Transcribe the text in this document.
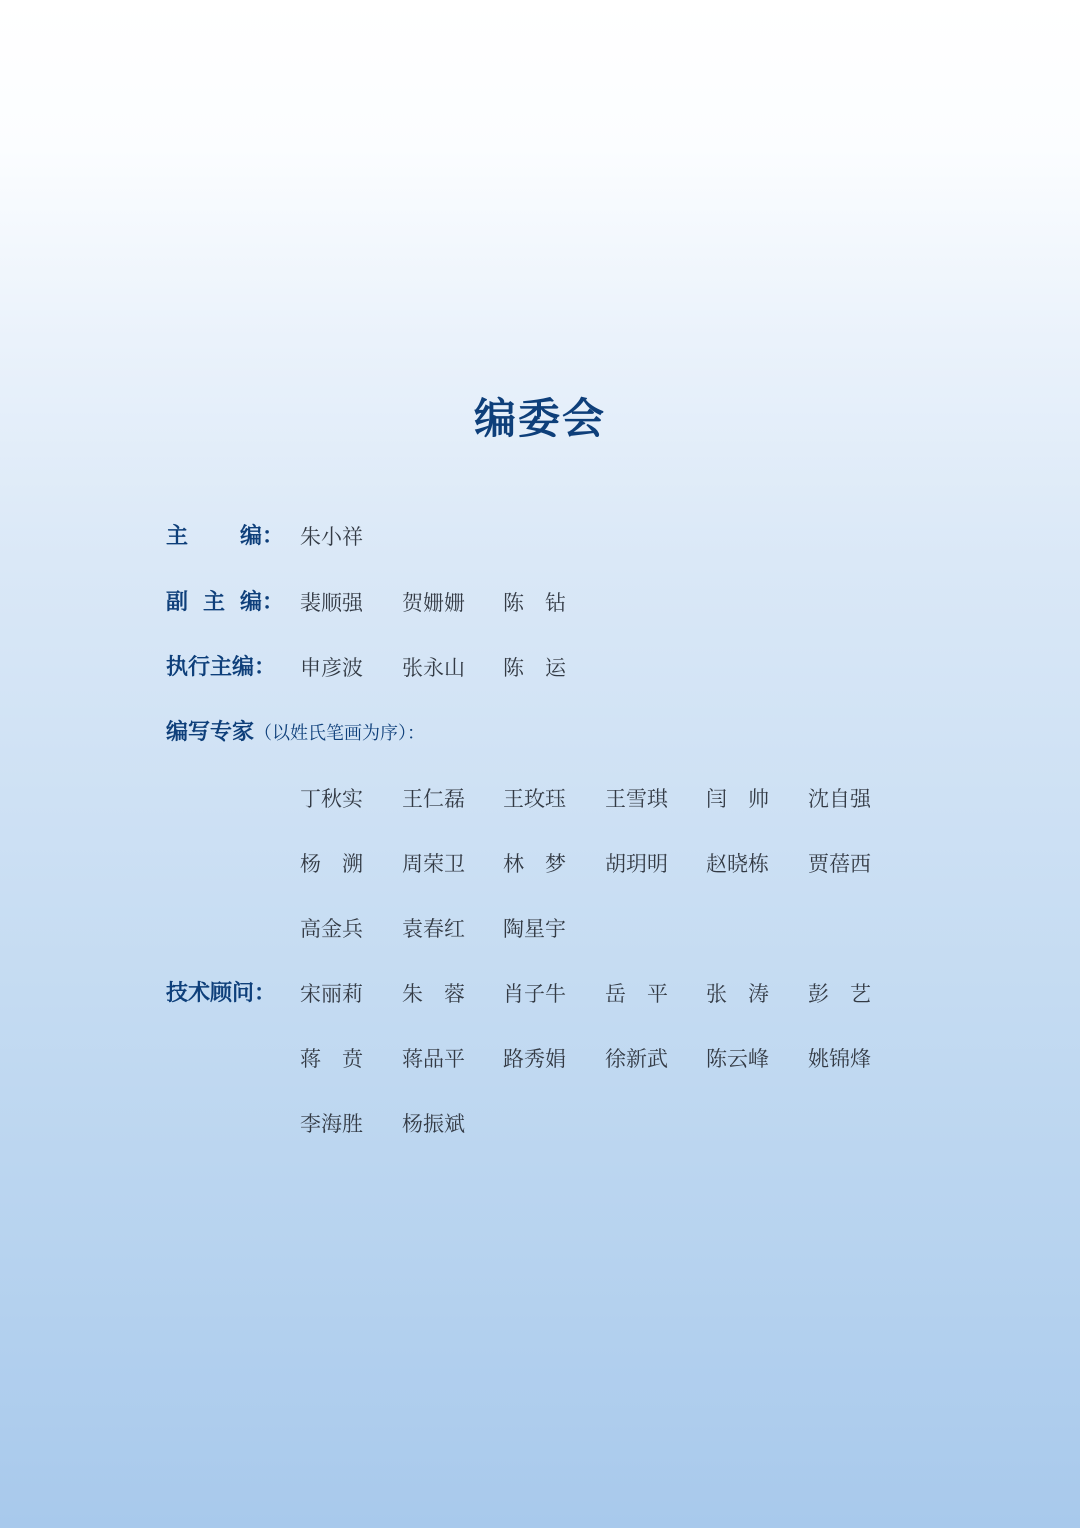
编委会
主 编： 朱小祥
副 主 编： 裴顺强 贺姗姗 陈　钻
执行主编： 申彦波 张永山 陈　运
编写专家（以姓氏笔画为序）：
丁秋实 王仁磊 王玫珏 王雪琪 闫　帅 沈自强
杨　溯 周荣卫 林　梦 胡玥明 赵晓栋 贾蓓西
高金兵 袁春红 陶星宇
技术顾问： 宋丽莉 朱　蓉 肖子牛 岳　平 张　涛 彭　艺
蒋　贲 蒋品平 路秀娟 徐新武 陈云峰 姚锦烽
李海胜 杨振斌
